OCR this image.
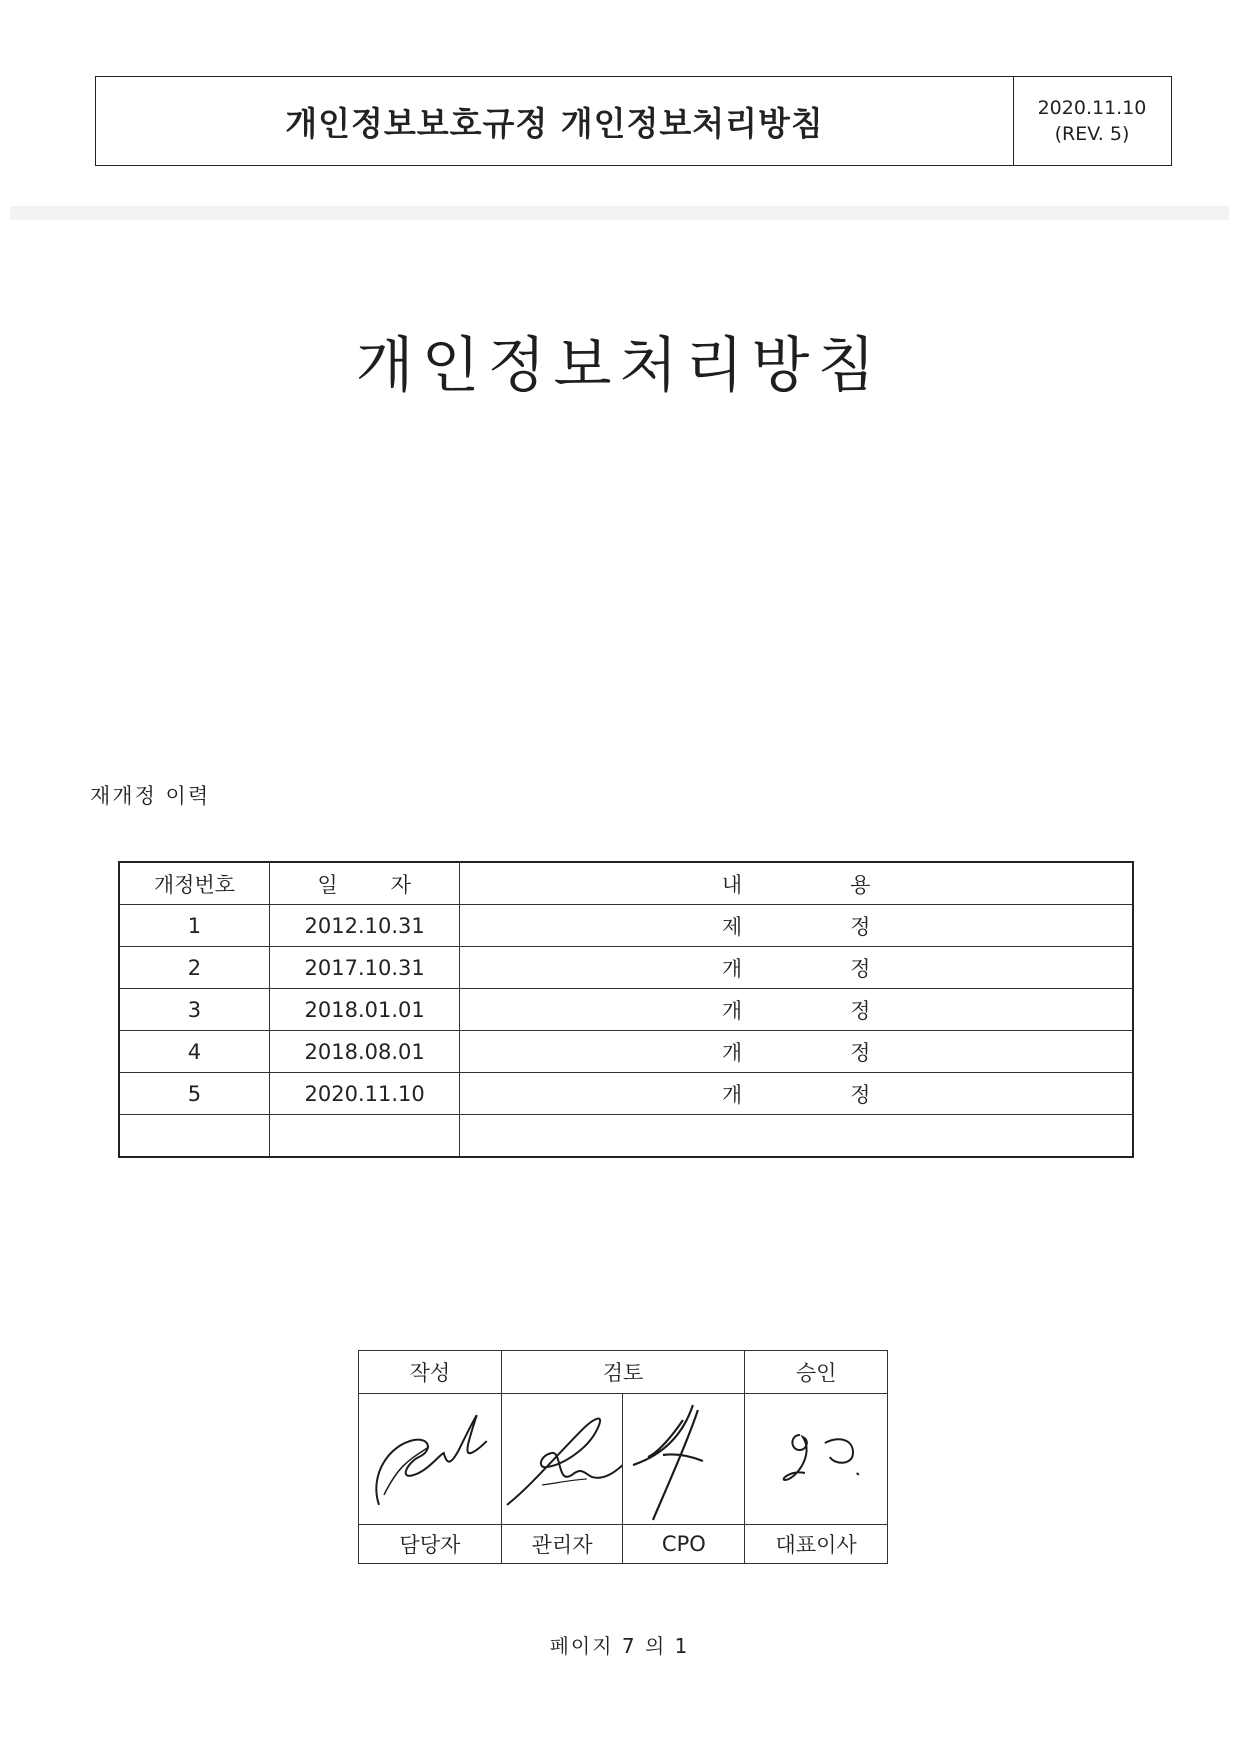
개인정보보호규정 개인정보처리방침	2020.11.10
(REV. 5)
개인정보처리방침
재개정 이력
개정번호	일 자	내 용

1	2012.10.31	제 정

2	2017.10.31	개 정

3	2018.01.01	개 정

4	2018.08.01	개 정

5	2020.11.10	개 정

작성	검토		승인

담당자	관리자	CPO	대표이사
페이지 7 의 1
